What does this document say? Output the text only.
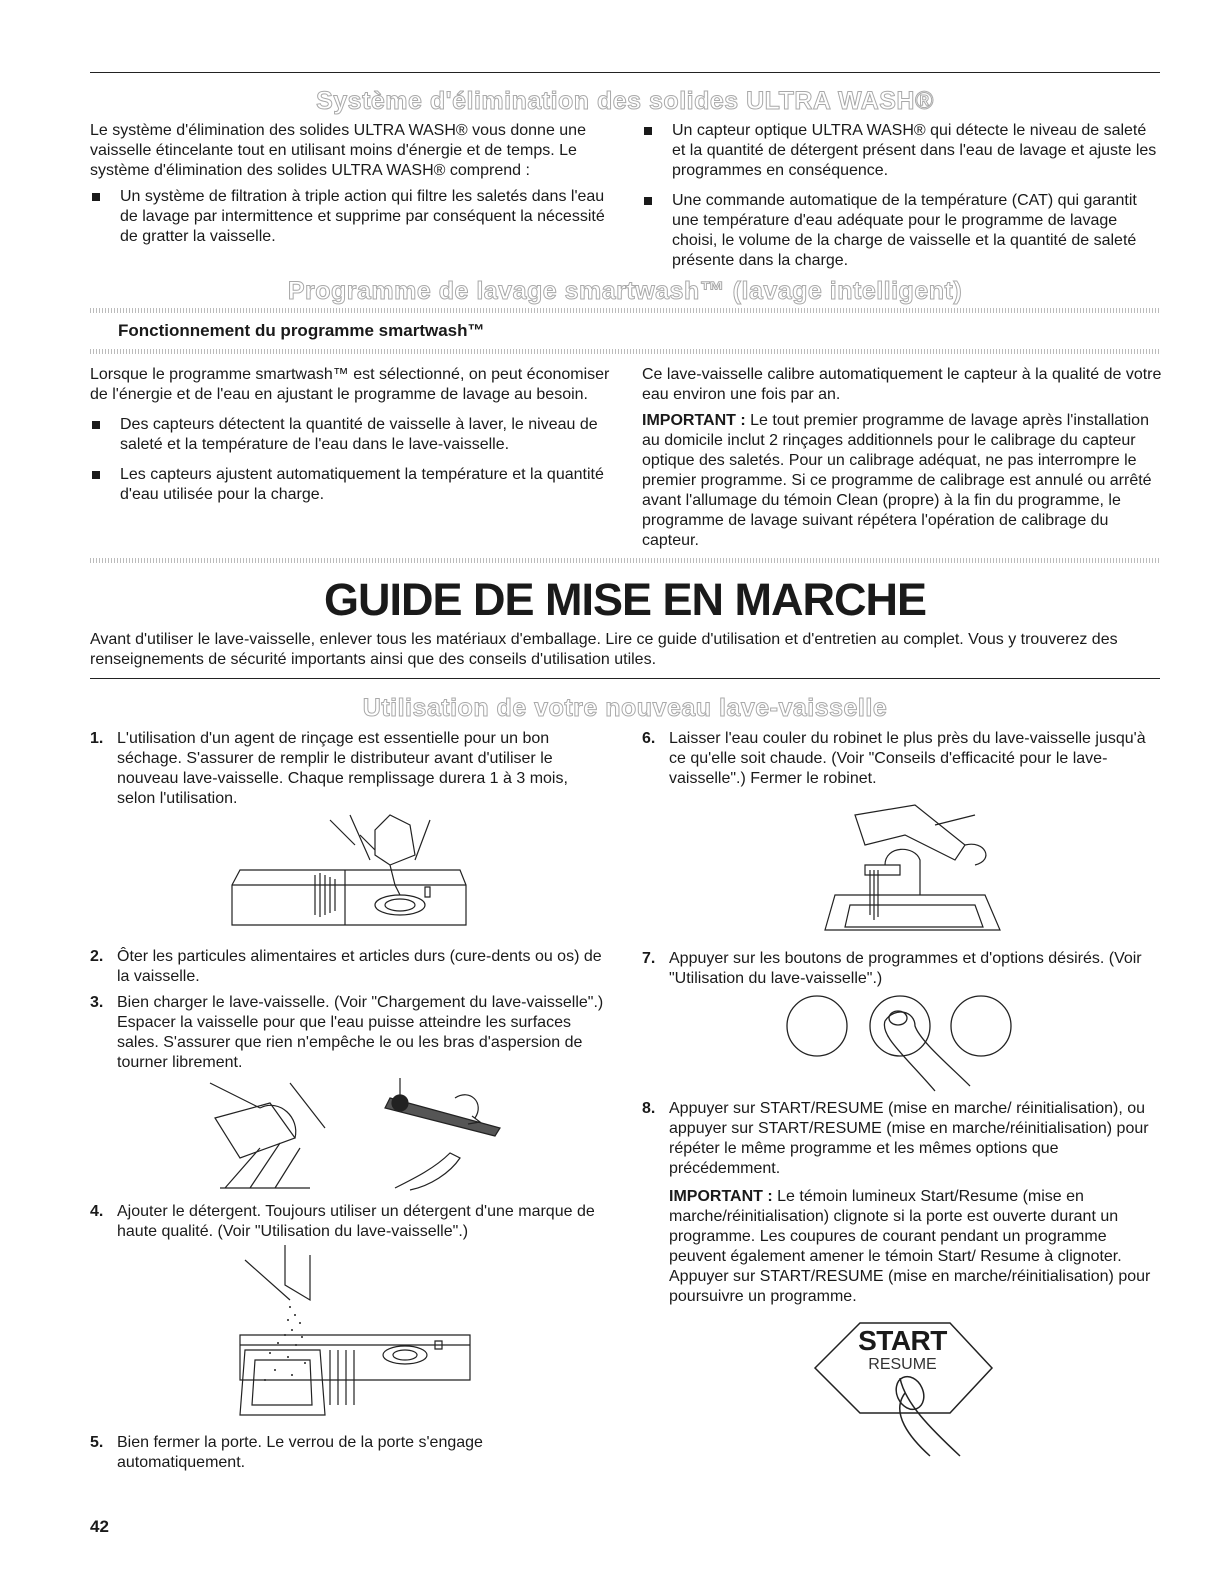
Système d'élimination des solides ULTRA WASH®

Le système d'élimination des solides ULTRA WASH® vous donne une vaisselle étincelante tout en utilisant moins d'énergie et de temps. Le système d'élimination des solides ULTRA WASH® comprend :

Un système de filtration à triple action qui filtre les saletés dans l'eau de lavage par intermittence et supprime par conséquent la nécessité de gratter la vaisselle.
Un capteur optique ULTRA WASH® qui détecte le niveau de saleté et la quantité de détergent présent dans l'eau de lavage et ajuste les programmes en conséquence.
Une commande automatique de la température (CAT) qui garantit une température d'eau adéquate pour le programme de lavage choisi, le volume de la charge de vaisselle et la quantité de saleté présente dans la charge.
Programme de lavage smartwash™ (lavage intelligent)
Fonctionnement du programme smartwash™

Lorsque le programme smartwash™ est sélectionné, on peut économiser de l'énergie et de l'eau en ajustant le programme de lavage au besoin.

Des capteurs détectent la quantité de vaisselle à laver, le niveau de saleté et la température de l'eau dans le lave-vaisselle.
Les capteurs ajustent automatiquement la température et la quantité d'eau utilisée pour la charge.

Ce lave-vaisselle calibre automatiquement le capteur à la qualité de votre eau environ une fois par an.

IMPORTANT : Le tout premier programme de lavage après l'installation au domicile inclut 2 rinçages additionnels pour le calibrage du capteur optique des saletés. Pour un calibrage adéquat, ne pas interrompre le premier programme. Si ce programme de calibrage est annulé ou arrêté avant l'allumage du témoin Clean (propre) à la fin du programme, le programme de lavage suivant répétera l'opération de calibrage du capteur.

GUIDE DE MISE EN MARCHE

Avant d'utiliser le lave-vaisselle, enlever tous les matériaux d'emballage. Lire ce guide d'utilisation et d'entretien au complet. Vous y trouverez des renseignements de sécurité importants ainsi que des conseils d'utilisation utiles.

Utilisation de votre nouveau lave-vaisselle
1. L'utilisation d'un agent de rinçage est essentielle pour un bon séchage. S'assurer de remplir le distributeur avant d'utiliser le nouveau lave-vaisselle. Chaque remplissage durera 1 à 3 mois, selon l'utilisation.
2. Ôter les particules alimentaires et articles durs (cure-dents ou os) de la vaisselle.
3. Bien charger le lave-vaisselle. (Voir "Chargement du lave-vaisselle".) Espacer la vaisselle pour que l'eau puisse atteindre les surfaces sales. S'assurer que rien n'empêche le ou les bras d'aspersion de tourner librement.
4. Ajouter le détergent. Toujours utiliser un détergent d'une marque de haute qualité. (Voir "Utilisation du lave-vaisselle".)
5. Bien fermer la porte. Le verrou de la porte s'engage automatiquement.
6. Laisser l'eau couler du robinet le plus près du lave-vaisselle jusqu'à ce qu'elle soit chaude. (Voir "Conseils d'efficacité pour le lave-vaisselle".) Fermer le robinet.
7. Appuyer sur les boutons de programmes et d'options désirés. (Voir "Utilisation du lave-vaisselle".)
8. Appuyer sur START/RESUME (mise en marche/ réinitialisation), ou appuyer sur START/RESUME (mise en marche/réinitialisation) pour répéter le même programme et les mêmes options que précédemment.
IMPORTANT : Le témoin lumineux Start/Resume (mise en marche/réinitialisation) clignote si la porte est ouverte durant un programme. Les coupures de courant pendant un programme peuvent également amener le témoin Start/ Resume à clignoter. Appuyer sur START/RESUME (mise en marche/réinitialisation) pour poursuivre un programme.
START
RESUME
42
